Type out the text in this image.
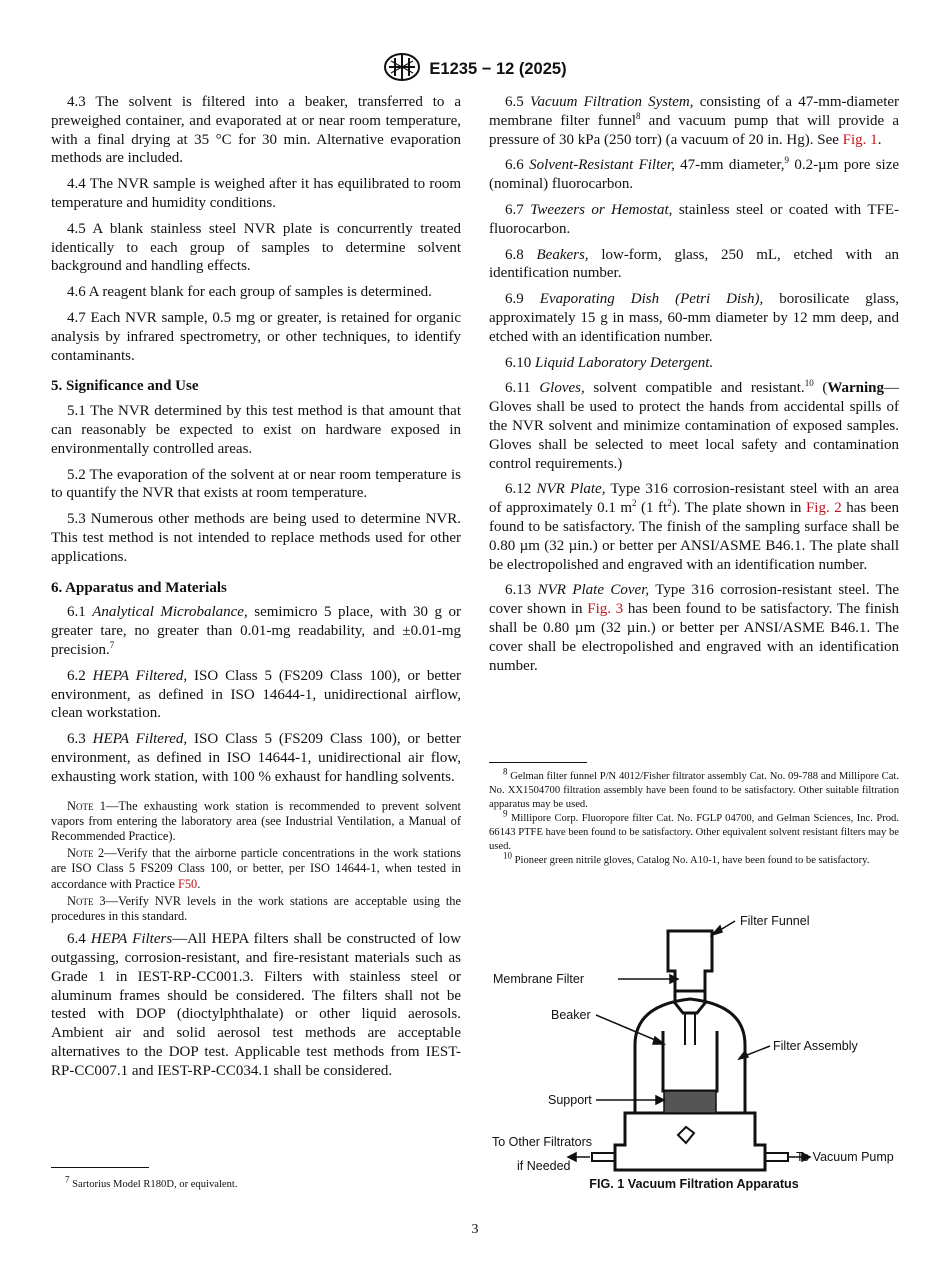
E1235 − 12 (2025)

4.3 The solvent is filtered into a beaker, transferred to a preweighed container, and evaporated at or near room temperature, with a final drying at 35 °C for 30 min. Alternative evaporation methods are included.

4.4 The NVR sample is weighed after it has equilibrated to room temperature and humidity conditions.

4.5 A blank stainless steel NVR plate is concurrently treated identically to each group of samples to determine solvent background and handling effects.

4.6 A reagent blank for each group of samples is determined.

4.7 Each NVR sample, 0.5 mg or greater, is retained for organic analysis by infrared spectrometry, or other techniques, to identify contaminants.

5. Significance and Use

5.1 The NVR determined by this test method is that amount that can reasonably be expected to exist on hardware exposed in environmentally controlled areas.

5.2 The evaporation of the solvent at or near room temperature is to quantify the NVR that exists at room temperature.

5.3 Numerous other methods are being used to determine NVR. This test method is not intended to replace methods used for other applications.

6. Apparatus and Materials

6.1 Analytical Microbalance, semimicro 5 place, with 30 g or greater tare, no greater than 0.01-mg readability, and ±0.01-mg precision.$^7$

6.2 HEPA Filtered, ISO Class 5 (FS209 Class 100), or better environment, as defined in ISO 14644-1, unidirectional airflow, clean workstation.

6.3 HEPA Filtered, ISO Class 5 (FS209 Class 100), or better environment, as defined in ISO 14644-1, unidirectional air flow, exhausting work station, with 100 % exhaust for handling solvents.

Note 1—The exhausting work station is recommended to prevent solvent vapors from entering the laboratory area (see Industrial Ventilation, a Manual of Recommended Practice).

Note 2—Verify that the airborne particle concentrations in the work stations are ISO Class 5 FS209 Class 100, or better, per ISO 14644-1, when tested in accordance with Practice F50.

Note 3—Verify NVR levels in the work stations are acceptable using the procedures in this standard.

6.4 HEPA Filters—All HEPA filters shall be constructed of low outgassing, corrosion-resistant, and fire-resistant materials such as Grade 1 in IEST-RP-CC001.3. Filters with stainless steel or aluminum frames should be considered. The filters shall not be tested with DOP (dioctylphthalate) or other liquid aerosols. Ambient air and solid aerosol test methods are acceptable alternatives to the DOP test. Applicable test methods from IEST-RP-CC007.1 and IEST-RP-CC034.1 shall be considered.

$^7$ Sartorius Model R180D, or equivalent.

6.5 Vacuum Filtration System, consisting of a 47-mm-diameter membrane filter funnel$^8$ and vacuum pump that will provide a pressure of 30 kPa (250 torr) (a vacuum of 20 in. Hg). See Fig. 1.

6.6 Solvent-Resistant Filter, 47-mm diameter,$^9$ 0.2-µm pore size (nominal) fluorocarbon.

6.7 Tweezers or Hemostat, stainless steel or coated with TFE-fluorocarbon.

6.8 Beakers, low-form, glass, 250 mL, etched with an identification number.

6.9 Evaporating Dish (Petri Dish), borosilicate glass, approximately 15 g in mass, 60-mm diameter by 12 mm deep, and etched with an identification number.

6.10 Liquid Laboratory Detergent.

6.11 Gloves, solvent compatible and resistant.$^{10}$ (Warning—Gloves shall be used to protect the hands from accidental spills of the NVR solvent and minimize contamination of exposed samples. Gloves shall be selected to meet local safety and contamination control requirements.)

6.12 NVR Plate, Type 316 corrosion-resistant steel with an area of approximately 0.1 $m^2$ (1 $ft^2$). The plate shown in Fig. 2 has been found to be satisfactory. The finish of the sampling surface shall be 0.80 µm (32 µin.) or better per ANSI/ASME B46.1. The plate shall be electropolished and engraved with an identification number.

6.13 NVR Plate Cover, Type 316 corrosion-resistant steel. The cover shown in Fig. 3 has been found to be satisfactory. The finish shall be 0.80 µm (32 µin.) or better per ANSI/ASME B46.1. The cover shall be electropolished and engraved with an identification number.

$^8$ Gelman filter funnel P/N 4012/Fisher filtrator assembly Cat. No. 09-788 and Millipore Cat. No. XX1504700 filtration assembly have been found to be satisfactory. Other suitable filtration apparatus may be used.

$^9$ Millipore Corp. Fluoropore filter Cat. No. FGLP 04700, and Gelman Sciences, Inc. Prod. 66143 PTFE have been found to be satisfactory. Other equivalent solvent resistant filters may be used.

$^{10}$ Pioneer green nitrile gloves, Catalog No. A10-1, have been found to be satisfactory.

Filter Funnel
Membrane Filter
Beaker
Filter Assembly
Support
To Other Filtrators
if Needed
To Vacuum Pump
FIG. 1 Vacuum Filtration Apparatus
3
